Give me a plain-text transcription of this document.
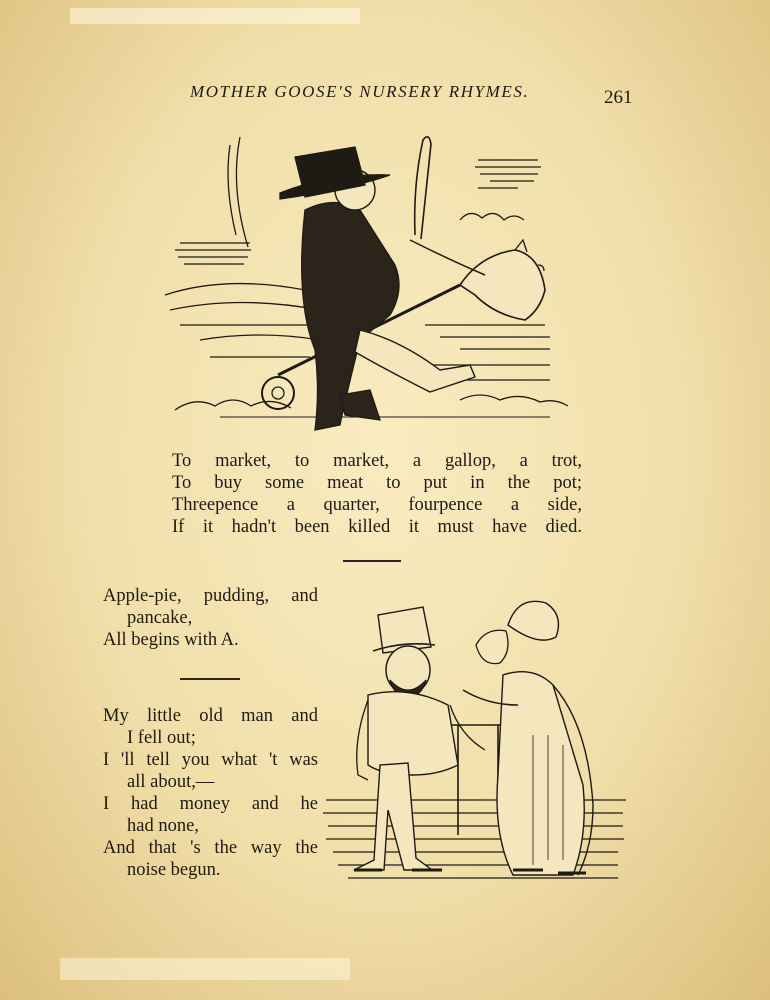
MOTHER GOOSE'S NURSERY RHYMES.	261
To market, to market, a gallop, a trot,
To buy some meat to put in the pot;
Threepence a quarter, fourpence a side,
If it hadn't been killed it must have died.
Apple-pie, pudding, and
pancake,
All begins with A.
My little old man and
I fell out;
I 'll tell you what 't was
all about,—
I had money and he
had none,
And that 's the way the
noise begun.
